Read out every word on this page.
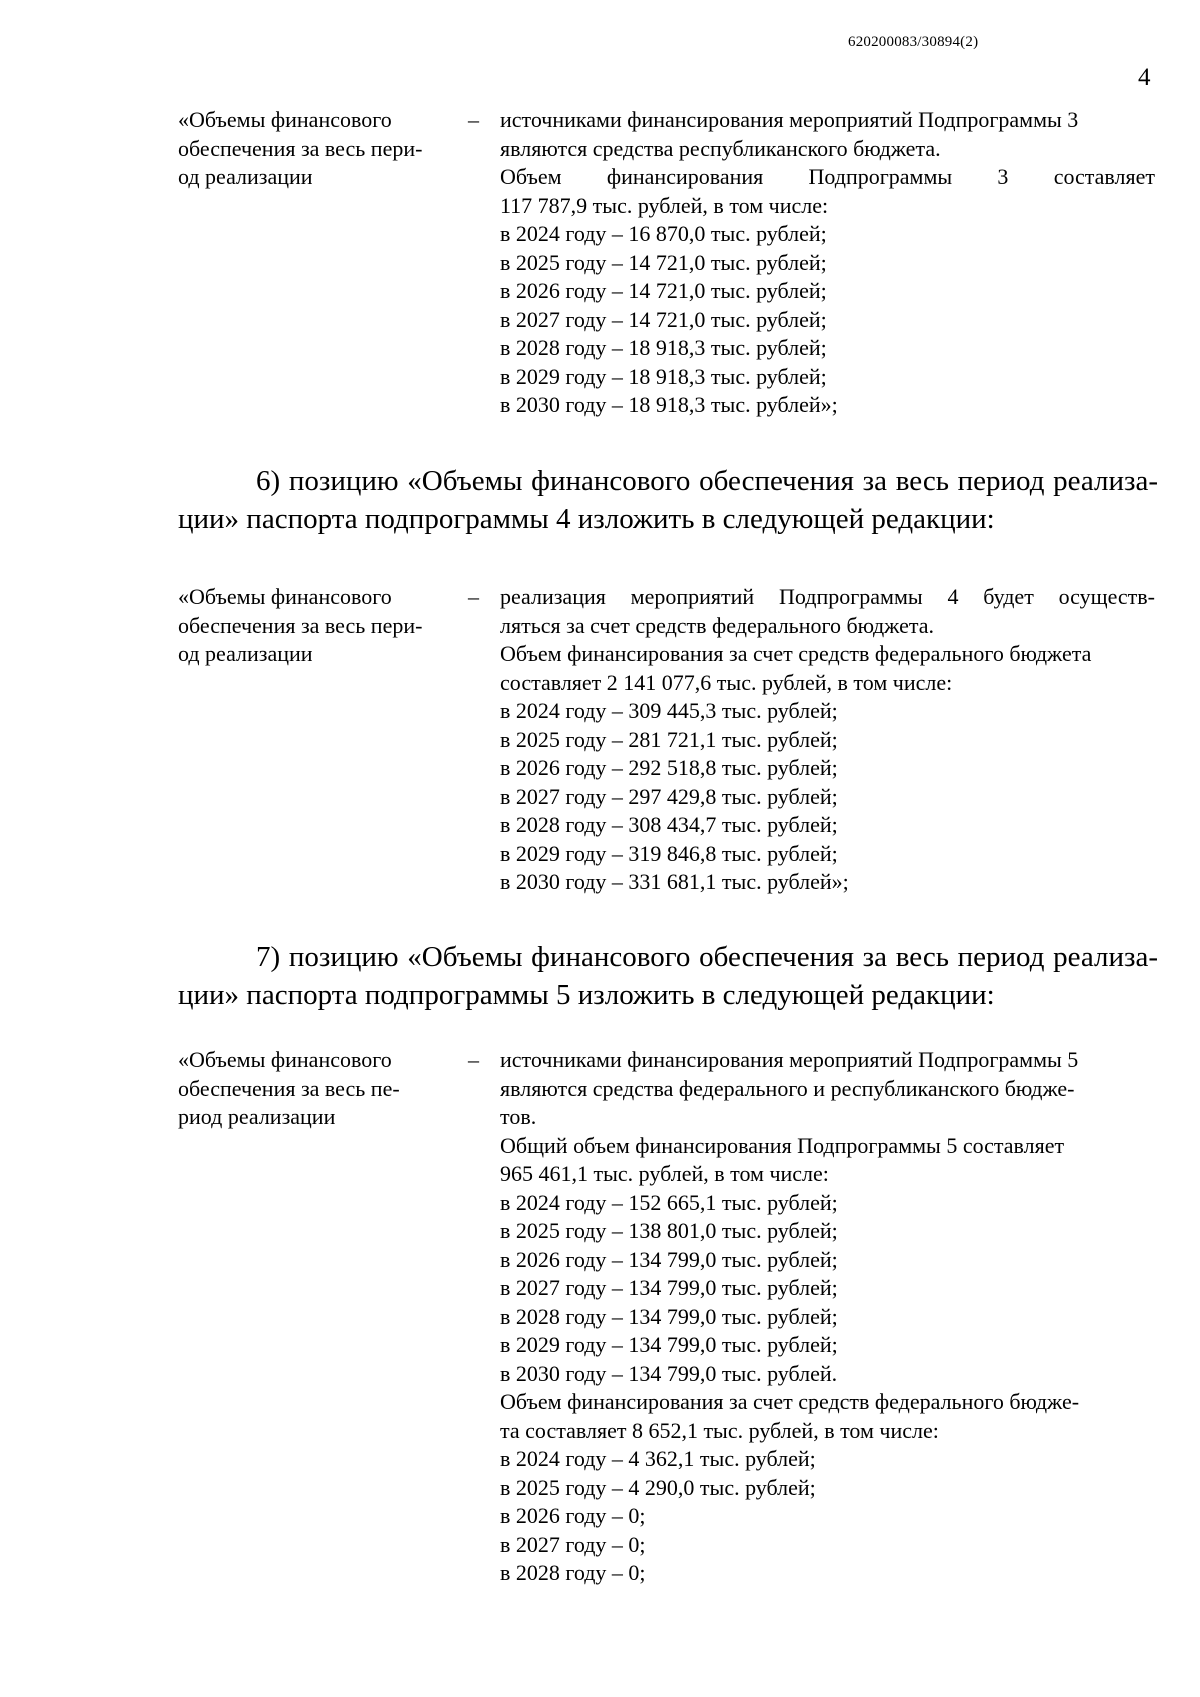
620200083/30894(2)
4
«Объемы финансового
обеспечения за весь пери-
од реализации
– источниками финансирования мероприятий Подпрограммы 3
являются средства республиканского бюджета.
Объем финансирования Подпрограммы 3 составляет
117 787,9 тыс. рублей, в том числе:
в 2024 году – 16 870,0 тыс. рублей;
в 2025 году – 14 721,0 тыс. рублей;
в 2026 году – 14 721,0 тыс. рублей;
в 2027 году – 14 721,0 тыс. рублей;
в 2028 году – 18 918,3 тыс. рублей;
в 2029 году – 18 918,3 тыс. рублей;
в 2030 году – 18 918,3 тыс. рублей»;
6) позицию «Объемы финансового обеспечения за весь период реализа-
ции» паспорта подпрограммы 4 изложить в следующей редакции:
«Объемы финансового
обеспечения за весь пери-
од реализации
– реализация мероприятий Подпрограммы 4 будет осуществ-
ляться за счет средств федерального бюджета.
Объем финансирования за счет средств федерального бюджета
составляет 2 141 077,6 тыс. рублей, в том числе:
в 2024 году – 309 445,3 тыс. рублей;
в 2025 году – 281 721,1 тыс. рублей;
в 2026 году – 292 518,8 тыс. рублей;
в 2027 году – 297 429,8 тыс. рублей;
в 2028 году – 308 434,7 тыс. рублей;
в 2029 году – 319 846,8 тыс. рублей;
в 2030 году – 331 681,1 тыс. рублей»;
7) позицию «Объемы финансового обеспечения за весь период реализа-
ции» паспорта подпрограммы 5 изложить в следующей редакции:
«Объемы финансового
обеспечения за весь пе-
риод реализации
– источниками финансирования мероприятий Подпрограммы 5
являются средства федерального и республиканского бюдже-
тов.
Общий объем финансирования Подпрограммы 5 составляет
965 461,1 тыс. рублей, в том числе:
в 2024 году – 152 665,1 тыс. рублей;
в 2025 году – 138 801,0 тыс. рублей;
в 2026 году – 134 799,0 тыс. рублей;
в 2027 году – 134 799,0 тыс. рублей;
в 2028 году – 134 799,0 тыс. рублей;
в 2029 году – 134 799,0 тыс. рублей;
в 2030 году – 134 799,0 тыс. рублей.
Объем финансирования за счет средств федерального бюдже-
та составляет 8 652,1 тыс. рублей, в том числе:
в 2024 году – 4 362,1 тыс. рублей;
в 2025 году – 4 290,0 тыс. рублей;
в 2026 году – 0;
в 2027 году – 0;
в 2028 году – 0;
